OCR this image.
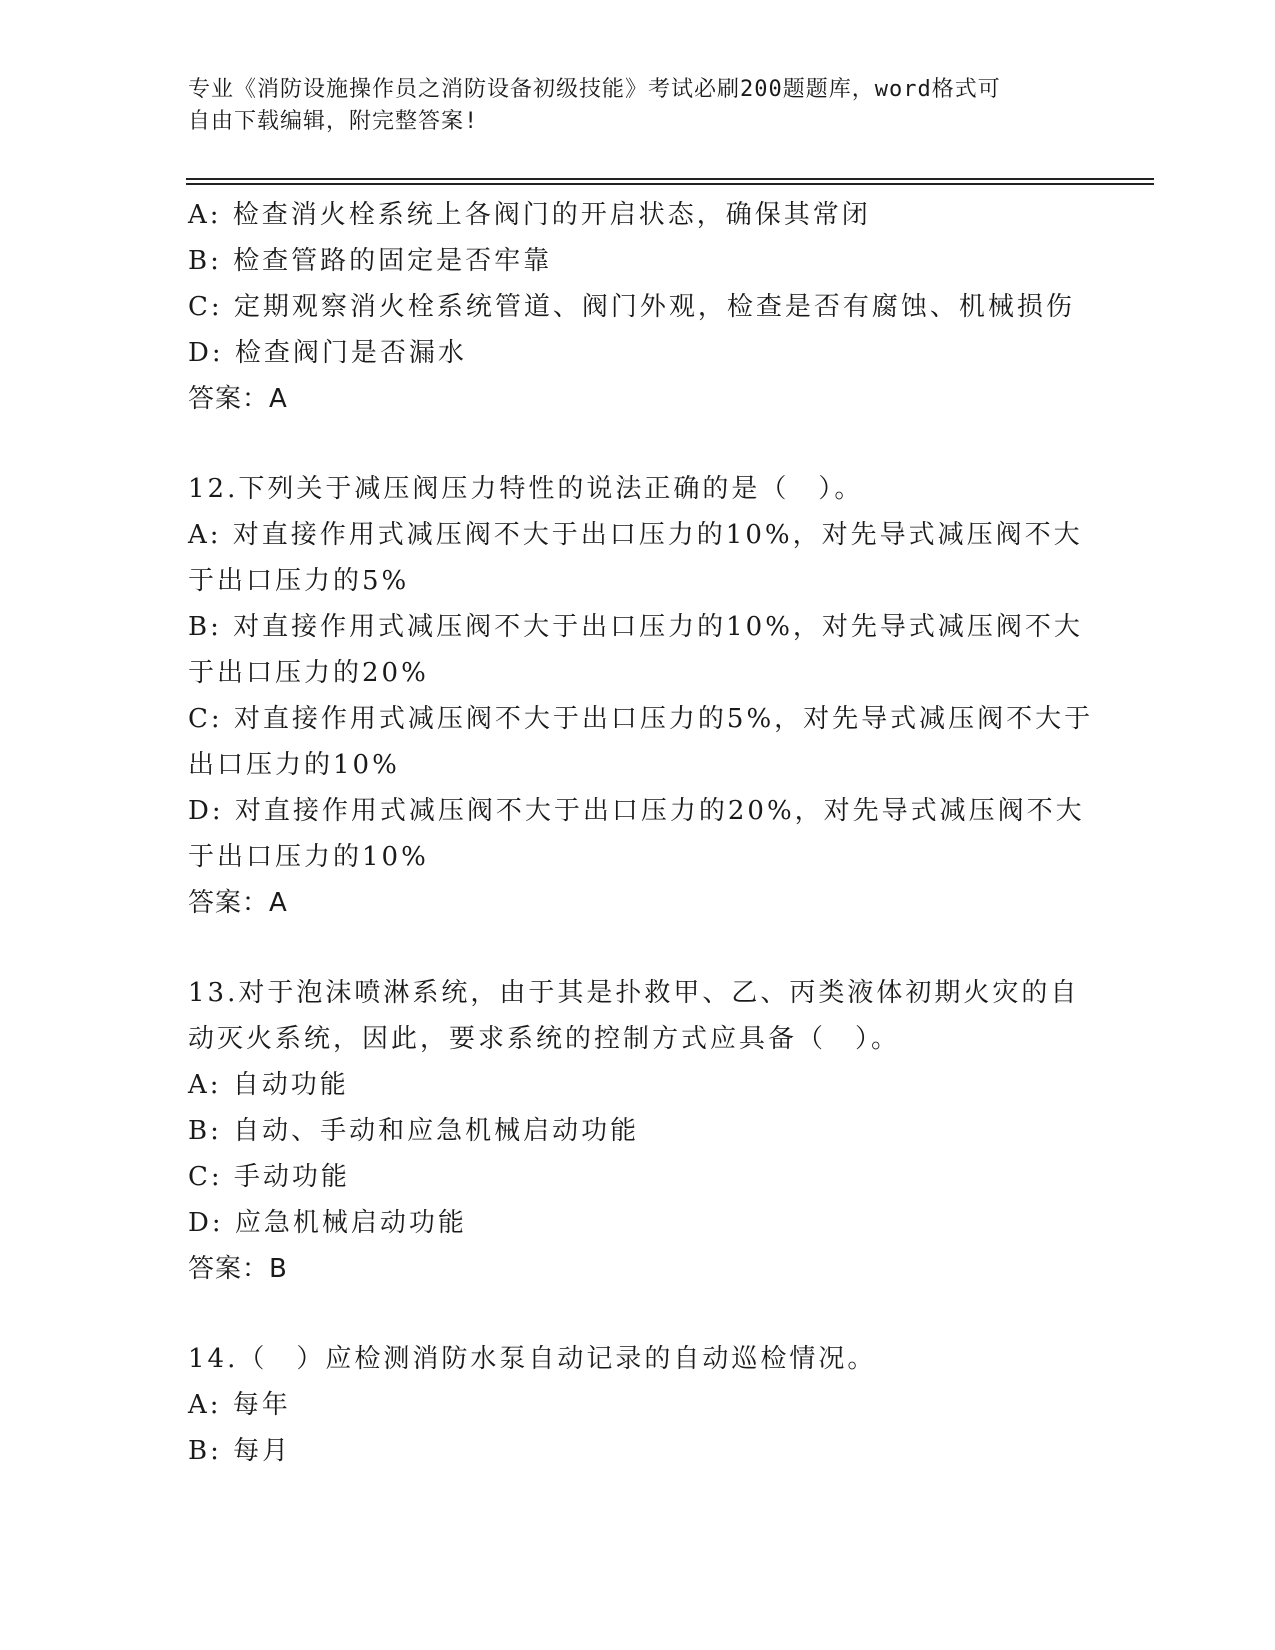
专业《消防设施操作员之消防设备初级技能》考试必刷200题题库，word格式可
自由下载编辑，附完整答案!
A: 检查消火栓系统上各阀门的开启状态，确保其常闭
B: 检查管路的固定是否牢靠
C: 定期观察消火栓系统管道、阀门外观，检查是否有腐蚀、机械损伤
D: 检查阀门是否漏水
答案：A
12.下列关于减压阀压力特性的说法正确的是（　）。
A: 对直接作用式减压阀不大于出口压力的10%，对先导式减压阀不大
于出口压力的5%
B: 对直接作用式减压阀不大于出口压力的10%，对先导式减压阀不大
于出口压力的20%
C: 对直接作用式减压阀不大于出口压力的5%，对先导式减压阀不大于
出口压力的10%
D: 对直接作用式减压阀不大于出口压力的20%，对先导式减压阀不大
于出口压力的10%
答案：A
13.对于泡沫喷淋系统，由于其是扑救甲、乙、丙类液体初期火灾的自
动灭火系统，因此，要求系统的控制方式应具备（　）。
A: 自动功能
B: 自动、手动和应急机械启动功能
C: 手动功能
D: 应急机械启动功能
答案：B
14.（　）应检测消防水泵自动记录的自动巡检情况。
A: 每年
B: 每月
